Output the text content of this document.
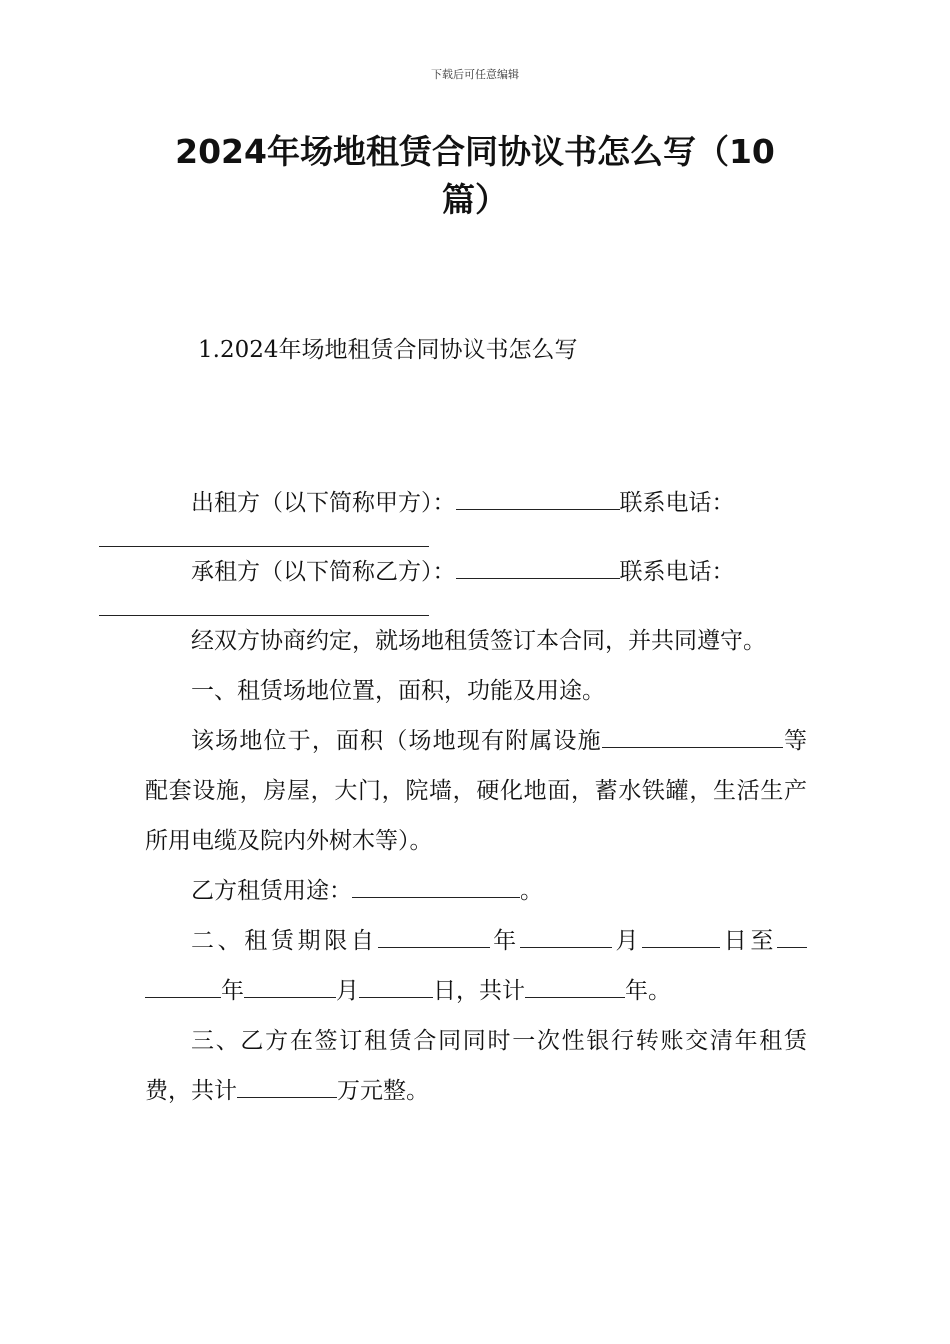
下载后可任意编辑
2024年场地租赁合同协议书怎么写（10
篇）
1.2024年场地租赁合同协议书怎么写

出租方（以下简称甲方）：	联系电话：

承租方（以下简称乙方）：	联系电话：

经双方协商约定，就场地租赁签订本合同，并共同遵守。

一、租赁场地位置，面积，功能及用途。

该场地位于，面积（场地现有附属设施	等配套设施，房屋，大门，院墙，硬化地面，蓄水铁罐，生活生产所用电缆及院内外树木等）。

乙方租赁用途：	。

二、租赁期限自	年	月	日至年	月	日，共计	年。

三、乙方在签订租赁合同同时一次性银行转账交清年租赁费，共计	万元整。
